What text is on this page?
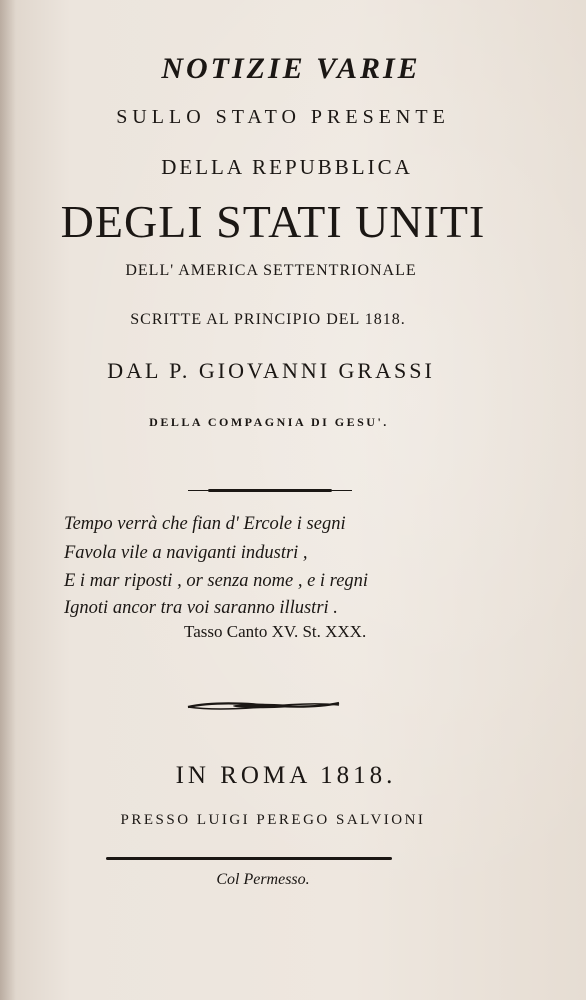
NOTIZIE VARIE
SULLO STATO PRESENTE
DELLA REPUBBLICA
DEGLI STATI UNITI
DELL' AMERICA SETTENTRIONALE
SCRITTE AL PRINCIPIO DEL 1818.
DAL P. GIOVANNI GRASSI
DELLA COMPAGNIA DI GESU'.
Tempo verrà che fian d' Ercole i segni
Favola vile a naviganti industri ,
E i mar riposti , or senza nome , e i regni
Ignoti ancor tra voi saranno illustri .
Tasso Canto XV. St. XXX.
IN ROMA 1818.
PRESSO LUIGI PEREGO SALVIONI
Col Permesso.
